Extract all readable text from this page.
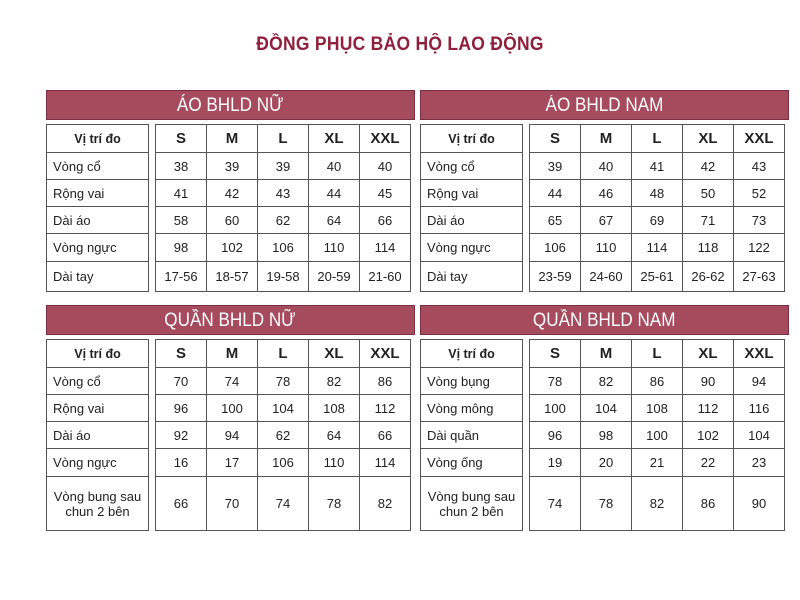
ĐỒNG PHỤC BẢO HỘ LAO ĐỘNG
ÁO BHLD NỮ
Vị trí đo	S	M	L	XL	XXL
Vòng cổ	38	39	39	40	40
Rộng vai	41	42	43	44	45
Dài áo	58	60	62	64	66
Vòng ngực	98	102	106	110	114
Dài tay	17-56	18-57	19-58	20-59	21-60
ÁO BHLD NAM
Vị trí đo	S	M	L	XL	XXL
Vòng cổ	39	40	41	42	43
Rộng vai	44	46	48	50	52
Dài áo	65	67	69	71	73
Vòng ngực	106	110	114	118	122
Dài tay	23-59	24-60	25-61	26-62	27-63
QUẦN BHLD NỮ
Vị trí đo	S	M	L	XL	XXL
Vòng cổ	70	74	78	82	86
Rộng vai	96	100	104	108	112
Dài áo	92	94	62	64	66
Vòng ngực	16	17	106	110	114
Vòng bung sau chun 2 bên	66	70	74	78	82
QUẦN BHLD NAM
Vị trí đo	S	M	L	XL	XXL
Vòng bụng	78	82	86	90	94
Vòng mông	100	104	108	112	116
Dài quần	96	98	100	102	104
Vòng ống	19	20	21	22	23
Vòng bung sau chun 2 bên	74	78	82	86	90
